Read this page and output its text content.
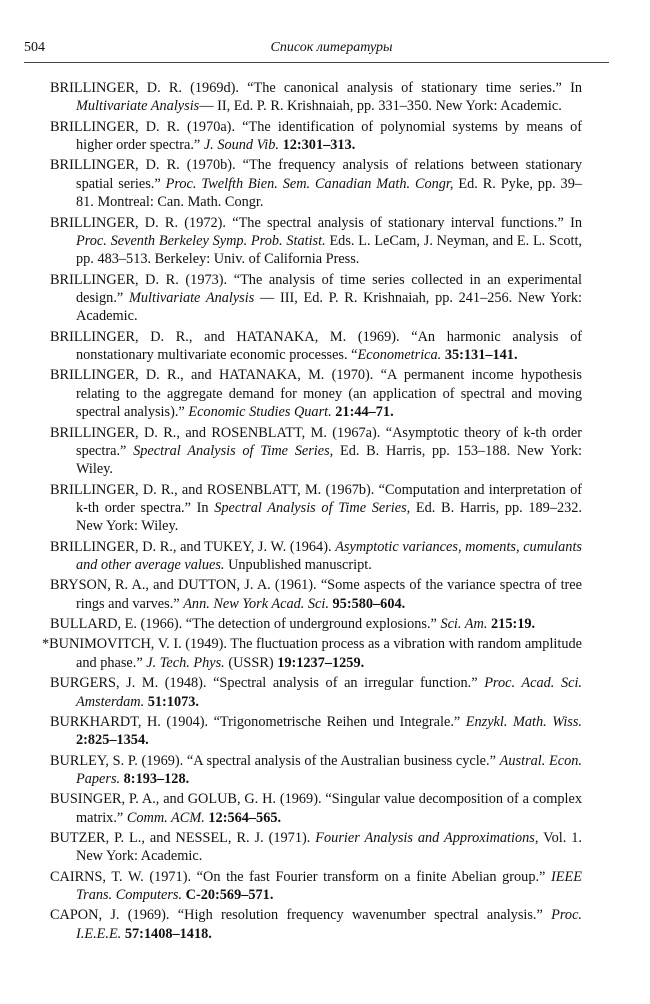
504	Список литературы

BRILLINGER, D. R. (1969d). “The canonical analysis of stationary time series.” In Multivariate Analysis— II, Ed. P. R. Krishnaiah, pp. 331–350. New York: Academic.

BRILLINGER, D. R. (1970a). “The identification of polynomial systems by means of higher order spectra.” J. Sound Vib. 12:301–313.

BRILLINGER, D. R. (1970b). “The frequency analysis of relations between stationary spatial series.” Proc. Twelfth Bien. Sem. Canadian Math. Congr, Ed. R. Pyke, pp. 39–81. Montreal: Can. Math. Congr.

BRILLINGER, D. R. (1972). “The spectral analysis of stationary interval functions.” In Proc. Seventh Berkeley Symp. Prob. Statist. Eds. L. LeCam, J. Neyman, and E. L. Scott, pp. 483–513. Berkeley: Univ. of California Press.

BRILLINGER, D. R. (1973). “The analysis of time series collected in an experimental design.” Multivariate Analysis — III, Ed. P. R. Krishnaiah, pp. 241–256. New York: Academic.

BRILLINGER, D. R., and HATANAKA, M. (1969). “An harmonic analysis of nonstationary multivariate economic processes. “Econometrica. 35:131–141.

BRILLINGER, D. R., and HATANAKA, M. (1970). “A permanent income hypothesis relating to the aggregate demand for money (an application of spectral and moving spectral analysis).” Economic Studies Quart. 21:44–71.

BRILLINGER, D. R., and ROSENBLATT, M. (1967a). “Asymptotic theory of k-th order spectra.” Spectral Analysis of Time Series, Ed. B. Harris, pp. 153–188. New York: Wiley.

BRILLINGER, D. R., and ROSENBLATT, M. (1967b). “Computation and interpretation of k-th order spectra.” In Spectral Analysis of Time Series, Ed. B. Harris, pp. 189–232. New York: Wiley.

BRILLINGER, D. R., and TUKEY, J. W. (1964). Asymptotic variances, moments, cumulants and other average values. Unpublished manuscript.

BRYSON, R. A., and DUTTON, J. A. (1961). “Some aspects of the variance spectra of tree rings and varves.” Ann. New York Acad. Sci. 95:580–604.

BULLARD, E. (1966). “The detection of underground explosions.” Sci. Am. 215:19.

*BUNIMOVITCH, V. I. (1949). The fluctuation process as a vibration with random amplitude and phase.” J. Tech. Phys. (USSR) 19:1237–1259.

BURGERS, J. M. (1948). “Spectral analysis of an irregular function.” Proc. Acad. Sci. Amsterdam. 51:1073.

BURKHARDT, H. (1904). “Trigonometrische Reihen und Integrale.” Enzykl. Math. Wiss. 2:825–1354.

BURLEY, S. P. (1969). “A spectral analysis of the Australian business cycle.” Austral. Econ. Papers. 8:193–128.

BUSINGER, P. A., and GOLUB, G. H. (1969). “Singular value decomposition of a complex matrix.” Comm. ACM. 12:564–565.

BUTZER, P. L., and NESSEL, R. J. (1971). Fourier Analysis and Approximations, Vol. 1. New York: Academic.

CAIRNS, T. W. (1971). “On the fast Fourier transform on a finite Abelian group.” IEEE Trans. Computers. C-20:569–571.

CAPON, J. (1969). “High resolution frequency wavenumber spectral analysis.” Proc. I.E.E.E. 57:1408–1418.
